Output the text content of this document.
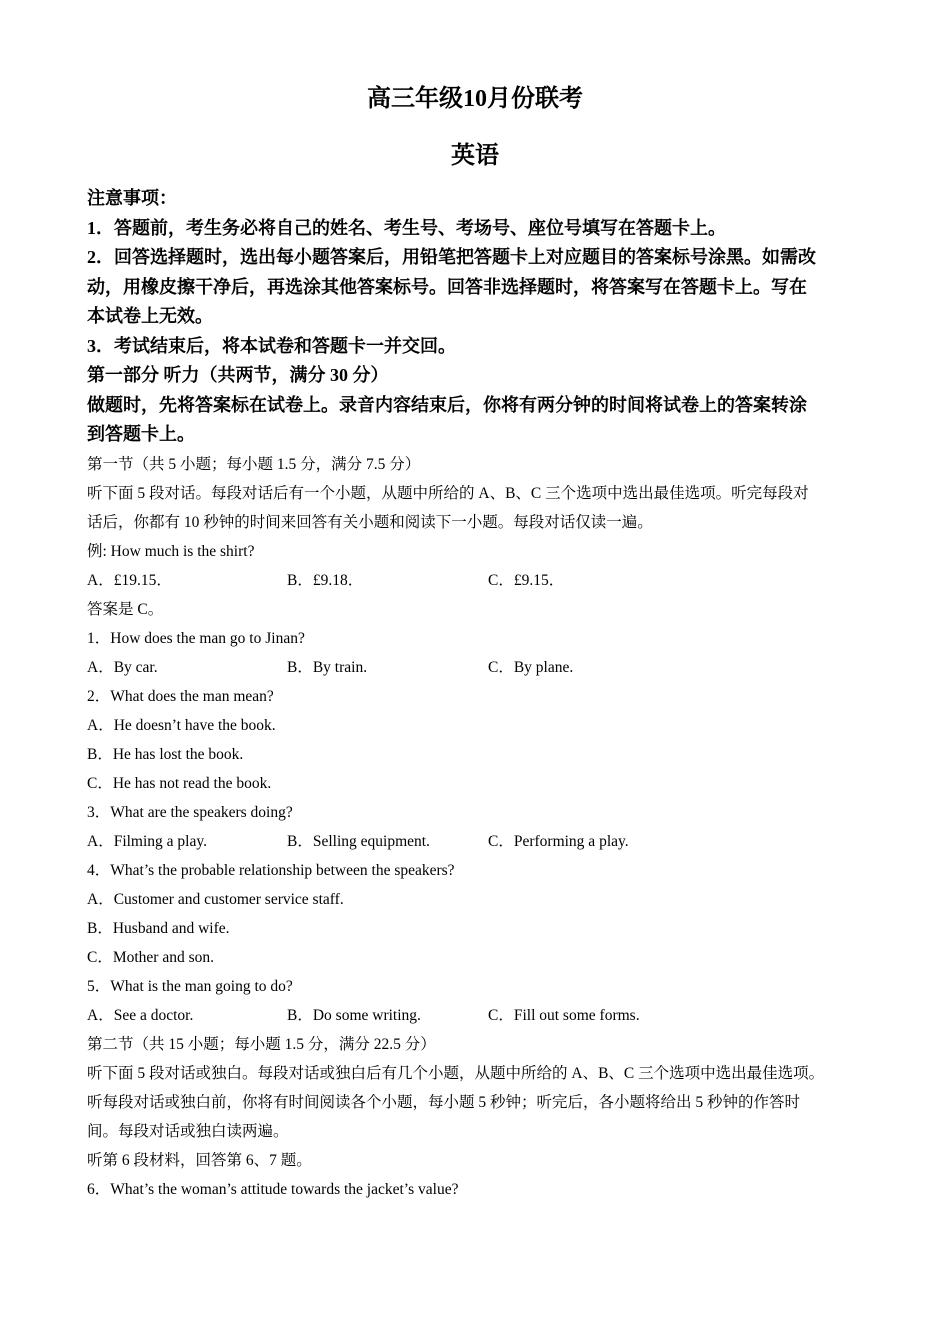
高三年级10月份联考
英语
注意事项：
1．答题前，考生务必将自己的姓名、考生号、考场号、座位号填写在答题卡上。
2．回答选择题时，选出每小题答案后，用铅笔把答题卡上对应题目的答案标号涂黑。如需改
动，用橡皮擦干净后，再选涂其他答案标号。回答非选择题时，将答案写在答题卡上。写在
本试卷上无效。
3．考试结束后，将本试卷和答题卡一并交回。
第一部分 听力（共两节，满分 30 分）
做题时，先将答案标在试卷上。录音内容结束后，你将有两分钟的时间将试卷上的答案转涂
到答题卡上。
第一节（共 5 小题；每小题 1.5 分，满分 7.5 分）
听下面 5 段对话。每段对话后有一个小题，从题中所给的 A、B、C 三个选项中选出最佳选项。听完每段对
话后，你都有 10 秒钟的时间来回答有关小题和阅读下一小题。每段对话仅读一遍。
例: How much is the shirt?
A．£19.15．	B．£9.18．	C．£9.15．
答案是 C。
1．How does the man go to Jinan?
A．By car.	B．By train.	C．By plane.
2．What does the man mean?
A．He doesn’t have the book.
B．He has lost the book.
C．He has not read the book.
3．What are the speakers doing?
A．Filming a play.	B．Selling equipment.	C．Performing a play.
4．What’s the probable relationship between the speakers?
A．Customer and customer service staff.
B．Husband and wife.
C．Mother and son.
5．What is the man going to do?
A．See a doctor.	B．Do some writing.	C．Fill out some forms.
第二节（共 15 小题；每小题 1.5 分，满分 22.5 分）
听下面 5 段对话或独白。每段对话或独白后有几个小题，从题中所给的 A、B、C 三个选项中选出最佳选项。
听每段对话或独白前，你将有时间阅读各个小题，每小题 5 秒钟；听完后，各小题将给出 5 秒钟的作答时
间。每段对话或独白读两遍。
听第 6 段材料，回答第 6、7 题。
6．What’s the woman’s attitude towards the jacket’s value?
